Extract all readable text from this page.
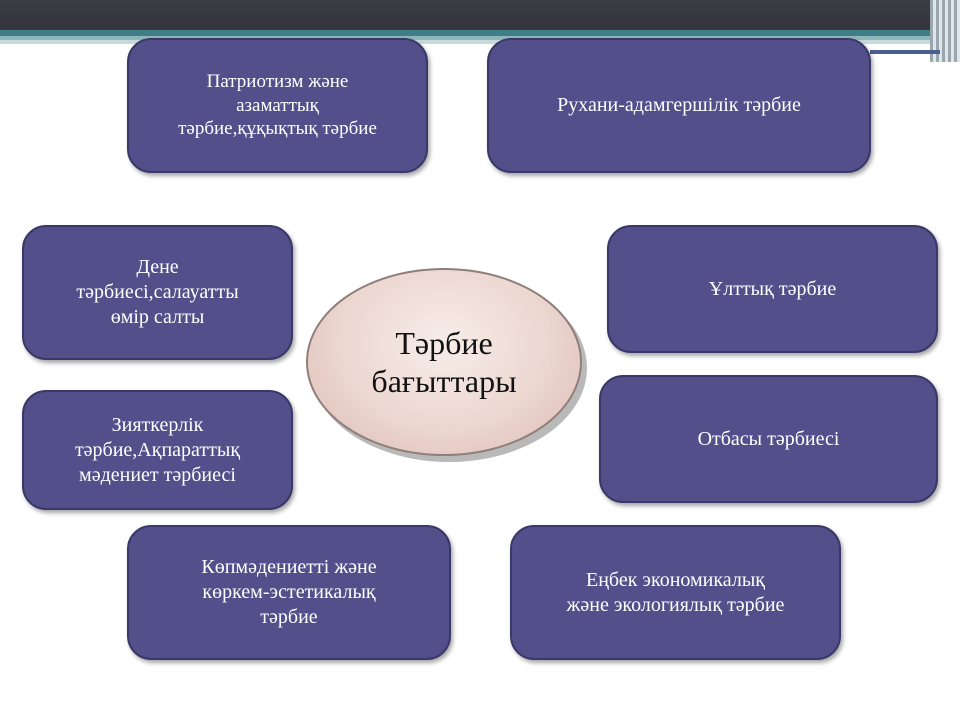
Патриотизм және
азаматтық
тәрбие,құқықтық тәрбие
Рухани-адамгершілік тәрбие
Дене
тәрбиесі,салауатты
өмір салты
Ұлттық тәрбие
Зияткерлік
тәрбие,Ақпараттық
мәдениет тәрбиесі
Отбасы тәрбиесі
Көпмәдениетті және
көркем-эстетикалық
тәрбие
Еңбек экономикалық
және экологиялық тәрбие
Тәрбие
бағыттары
